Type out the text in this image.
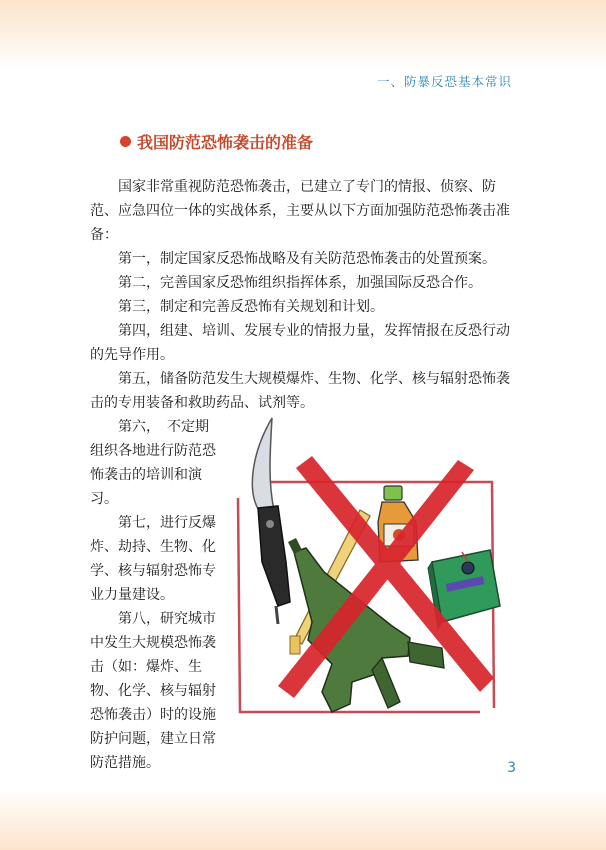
一、防暴反恐基本常识
我国防范恐怖袭击的准备

国家非常重视防范恐怖袭击，已建立了专门的情报、侦察、防范、应急四位一体的实战体系，主要从以下方面加强防范恐怖袭击准备：

第一，制定国家反恐怖战略及有关防范恐怖袭击的处置预案。

第二，完善国家反恐怖组织指挥体系，加强国际反恐合作。

第三，制定和完善反恐怖有关规划和计划。

第四，组建、培训、发展专业的情报力量，发挥情报在反恐行动的先导作用。

第五，储备防范发生大规模爆炸、生物、化学、核与辐射恐怖袭击的专用装备和救助药品、试剂等。

第六，　不定期组织各地进行防范恐怖袭击的培训和演习。

第七，进行反爆炸、劫持、生物、化学、核与辐射恐怖专业力量建设。

第八，研究城市中发生大规模恐怖袭击（如：爆炸、生物、化学、核与辐射恐怖袭击）时的设施防护问题，建立日常防范措施。	3
